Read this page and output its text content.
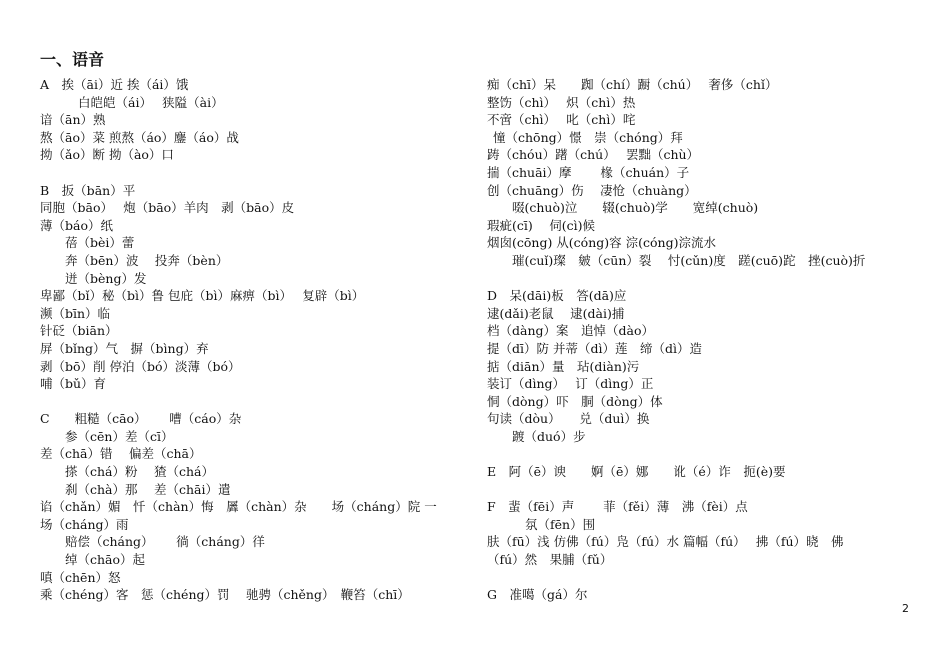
一、语音
A　挨（āi）近 挨（ái）饿
白皑皑（ái）　 狭隘（ài）
谙（ān）熟
熬（āo）菜 煎熬（áo）鏖（áo）战
拗（ǎo）断 拗（ào）口
B　扳（bān）平
同胞（bāo）　 炮（bāo）羊肉　剥（bāo）皮
薄（báo）纸
蓓（bèi）蕾
奔（bēn）波　 投奔（bèn）
迸（bèng）发
卑鄙（bǐ）秘（bì）鲁 包庇（bì）麻痹（bì）　 复辟（bì）
濒（bīn）临
针砭（biān）
屏（bǐng）气　摒（bìng）弃
剥（bō）削 停泊（bó）淡薄（bó）
哺（bǔ）育
C　　粗糙（cāo）　　 嘈（cáo）杂
参（cēn）差（cī）
差（chā）错　 偏差（chā）
搽（chá）粉　 猹（chá）
刹（chà）那　 差（chāi）遣
谄（chǎn）媚　忏（chàn）悔　羼（chàn）杂　　场（cháng）院 一
场（cháng）雨
赔偿（cháng）　　 徜（cháng）徉
绰（chāo）起
嗔（chēn）怒
乘（chéng）客　惩（chéng）罚　 驰骋（chěng）　鞭笞（chī）
痴（chī）呆　　踟（chí）蹰（chú）　 奢侈（chǐ）
整饬（chì）　 炽（chì）热
不啻（chì）　 叱（chì）咤
憧（chōng）憬　崇（chóng）拜
踌（chóu）躇（chú）　 罢黜（chù）
揣（chuāi）摩　　 椽（chuán）子
创（chuāng）伤　 凄怆（chuàng）
啜(chuò)泣　　辍(chuò)学　　宽绰(chuò)
瑕疵(cī)　 伺(cì)候
烟囱(cōng) 从(cóng)容 淙(cóng)淙流水
璀(cuǐ)璨　皴（cūn）裂　 忖(cǔn)度　蹉(cuō)跎　挫(cuò)折
D　呆(dāi)板　答(dā)应
逮(dǎi)老鼠　 逮(dài)捕
档（dàng）案　追悼（dào）
提（dī）防 并蒂（dì）莲　缔（dì）造
掂（diān）量　玷(diàn)污
装订（dìng）　 订（dìng）正
恫（dòng）吓　胴（dòng）体
句读（dòu）　　兑（duì）换
踱（duó）步
E　阿（ē）谀　　婀（ē）娜　　讹（é）诈　扼(è)要
F　蜚（fēi）声　　 菲（fěi）薄　沸（fèi）点
氛（fēn）围
肤（fū）浅 仿佛（fú）凫（fú）水 篇幅（fú）　 拂（fú）晓　佛
（fú）然　果脯（fǔ）
G　准噶（gá）尔
2
